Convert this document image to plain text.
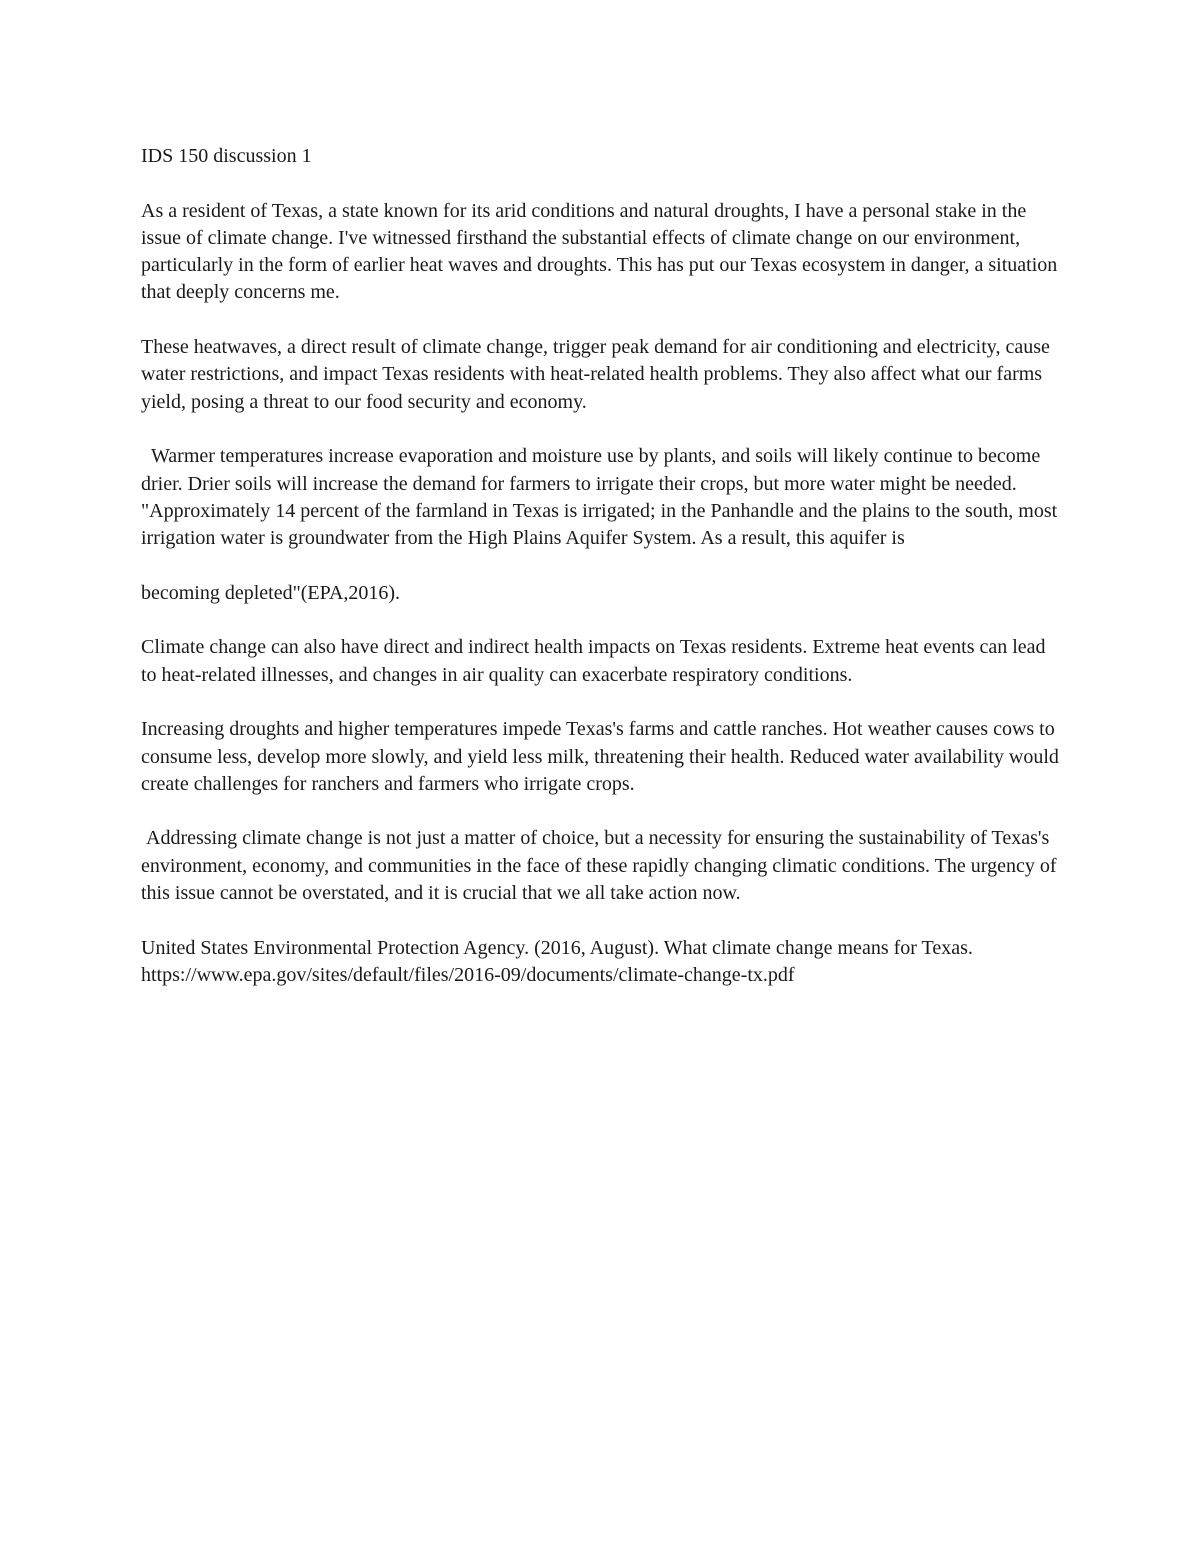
IDS 150 discussion 1

As a resident of Texas, a state known for its arid conditions and natural droughts, I have a personal stake in the issue of climate change. I've witnessed firsthand the substantial effects of climate change on our environment, particularly in the form of earlier heat waves and droughts. This has put our Texas ecosystem in danger, a situation that deeply concerns me.

These heatwaves, a direct result of climate change, trigger peak demand for air conditioning and electricity, cause water restrictions, and impact Texas residents with heat-related health problems. They also affect what our farms yield, posing a threat to our food security and economy.

Warmer temperatures increase evaporation and moisture use by plants, and soils will likely continue to become drier. Drier soils will increase the demand for farmers to irrigate their crops, but more water might be needed. "Approximately 14 percent of the farmland in Texas is irrigated; in the Panhandle and the plains to the south, most irrigation water is groundwater from the High Plains Aquifer System. As a result, this aquifer is

becoming depleted"(EPA,2016).

Climate change can also have direct and indirect health impacts on Texas residents. Extreme heat events can lead to heat-related illnesses, and changes in air quality can exacerbate respiratory conditions.

Increasing droughts and higher temperatures impede Texas's farms and cattle ranches. Hot weather causes cows to consume less, develop more slowly, and yield less milk, threatening their health. Reduced water availability would create challenges for ranchers and farmers who irrigate crops.

Addressing climate change is not just a matter of choice, but a necessity for ensuring the sustainability of Texas's environment, economy, and communities in the face of these rapidly changing climatic conditions. The urgency of this issue cannot be overstated, and it is crucial that we all take action now.

United States Environmental Protection Agency. (2016, August). What climate change means for Texas. https://www.epa.gov/sites/default/files/2016-09/documents/climate-change-tx.pdf
